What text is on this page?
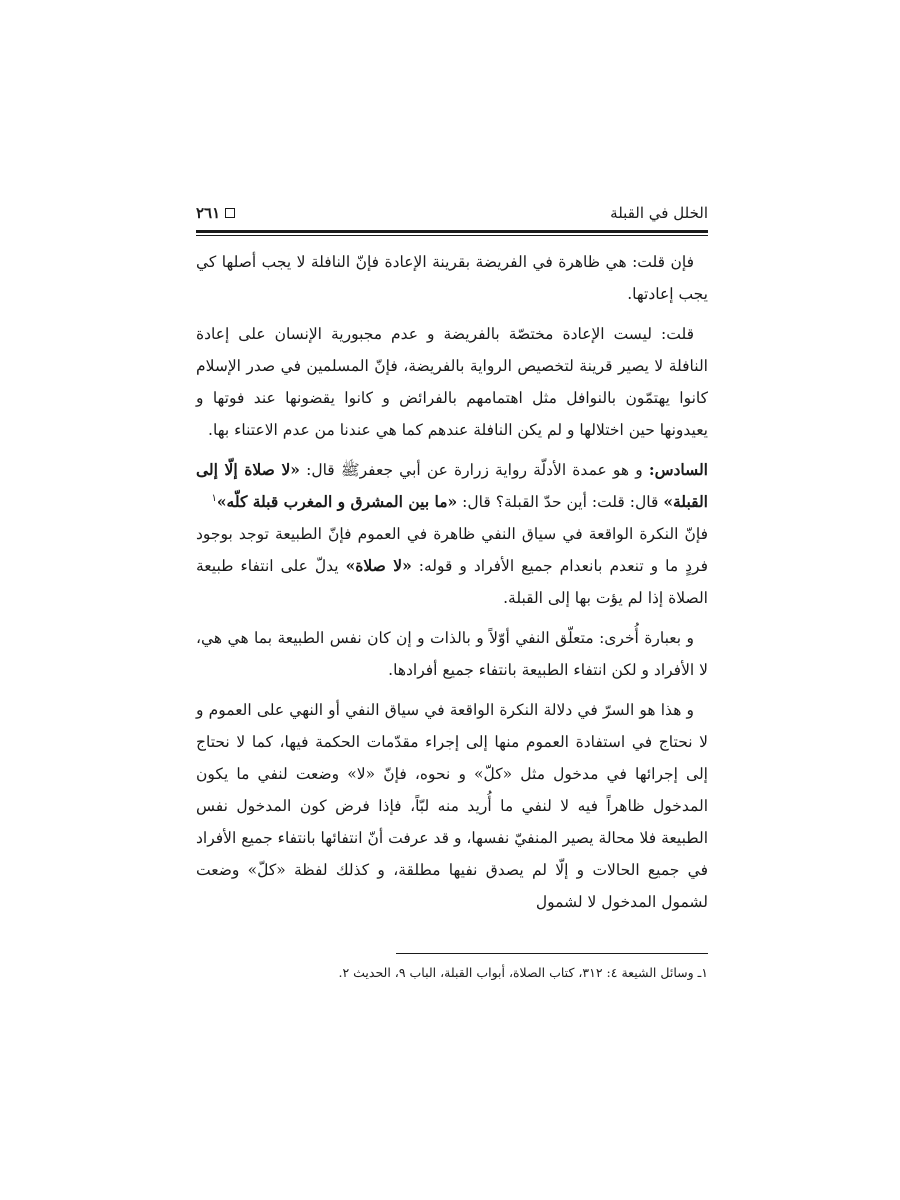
الخلل في القبلة
٢٦١

فإن قلت: هي ظاهرة في الفريضة بقرينة الإعادة فإنّ النافلة لا يجب أصلها كي يجب إعادتها.

قلت: ليست الإعادة مختصّة بالفريضة و عدم مجبورية الإنسان على إعادة النافلة لا يصير قرينة لتخصيص الرواية بالفريضة، فإنّ المسلمين في صدر الإسلام كانوا يهتمّون بالنوافل مثل اهتمامهم بالفرائض و كانوا يقضونها عند فوتها و يعيدونها حين اختلالها و لم يكن النافلة عندهم كما هي عندنا من عدم الاعتناء بها.

السادس: و هو عمدة الأدلّة رواية زرارة عن أبي جعفرﷺ قال: «لا صلاة إلّا إلى القبلة» قال: قلت: أين حدّ القبلة؟ قال: «ما بين المشرق و المغرب قبلة كلّه»$^١$

فإنّ النكرة الواقعة في سياق النفي ظاهرة في العموم فإنّ الطبيعة توجد بوجود فردٍ ما و تنعدم بانعدام جميع الأفراد و قوله: «لا صلاة» يدلّ على انتفاء طبيعة الصلاة إذا لم يؤت بها إلى القبلة.

و بعبارة أُخرى: متعلّق النفي أوّلاً و بالذات و إن كان نفس الطبيعة بما هي هي، لا الأفراد و لكن انتفاء الطبيعة بانتفاء جميع أفرادها.

و هذا هو السرّ في دلالة النكرة الواقعة في سياق النفي أو النهي على العموم و لا نحتاج في استفادة العموم منها إلى إجراء مقدّمات الحكمة فيها، كما لا نحتاج إلى إجرائها في مدخول مثل «كلّ» و نحوه، فإنّ «لا» وضعت لنفي ما يكون المدخول ظاهراً فيه لا لنفي ما أُريد منه لبّاً، فإذا فرض كون المدخول نفس الطبيعة فلا محالة يصير المنفيّ نفسها، و قد عرفت أنّ انتفائها بانتفاء جميع الأفراد في جميع الحالات و إلّا لم يصدق نفيها مطلقة، و كذلك لفظة «كلّ» وضعت لشمول المدخول لا لشمول

١ـ وسائل الشيعة ٤: ٣١٢، كتاب الصلاة، أبواب القبلة، الباب ٩، الحديث ٢.
